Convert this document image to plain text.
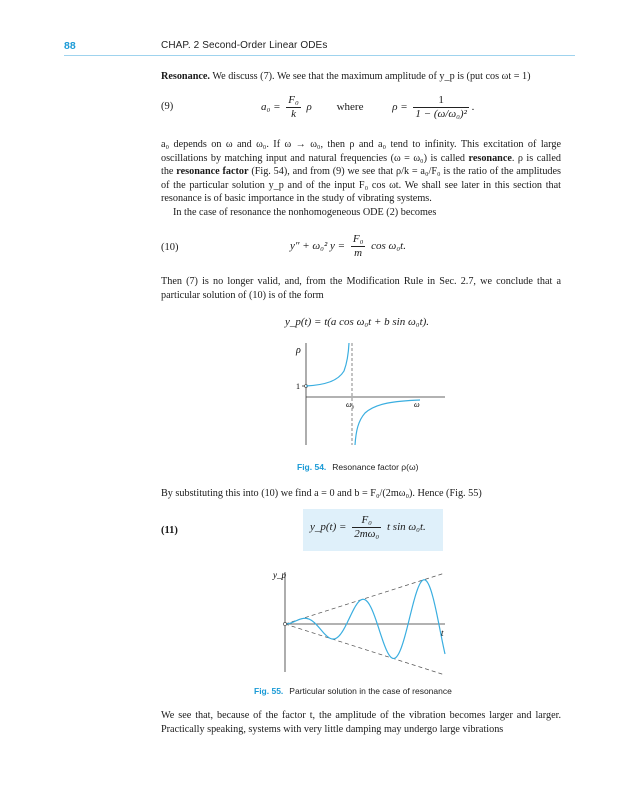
88	CHAP. 2 Second-Order Linear ODEs

Resonance. We discuss (7). We see that the maximum amplitude of y_p is (put cos ωt = 1)

(9)	$a_0 = \frac{\text{F₀}}{k}$ ρ where	$\rho = \frac{1}{\text{1 − (ω/ω₀)²}}$ .

a₀ depends on ω and ω₀. If ω → ω₀, then ρ and a₀ tend to infinity. This excitation of large oscillations by matching input and natural frequencies (ω = ω₀) is called resonance. ρ is called the resonance factor (Fig. 54), and from (9) we see that ρ/k = a₀/F₀ is the ratio of the amplitudes of the particular solution y_p and of the input F₀ cos ωt. We shall see later in this section that resonance is of basic importance in the study of vibrating systems.

In the case of resonance the nonhomogeneous ODE (2) becomes

(10)	y″ + ω₀² $y = \frac{\text{F₀}}{m}$ cos ω₀t.

Then (7) is no longer valid, and, from the Modification Rule in Sec. 2.7, we conclude that a particular solution of (10) is of the form

y_p(t) = t(a cos ω₀t + b sin ω₀t).
ρ
1
ω₀	ω
Fig. 54. Resonance factor ρ(ω)

By substituting this into (10) we find a = 0 and b = F₀/(2mω₀). Hence (Fig. 55)

(11)	y_p(t) = $\frac{\text{F₀}}{\text{2mω₀}}$ t sin ω₀t.
y_p
t
Fig. 55. Particular solution in the case of resonance

We see that, because of the factor t, the amplitude of the vibration becomes larger and larger. Practically speaking, systems with very little damping may undergo large vibrations
